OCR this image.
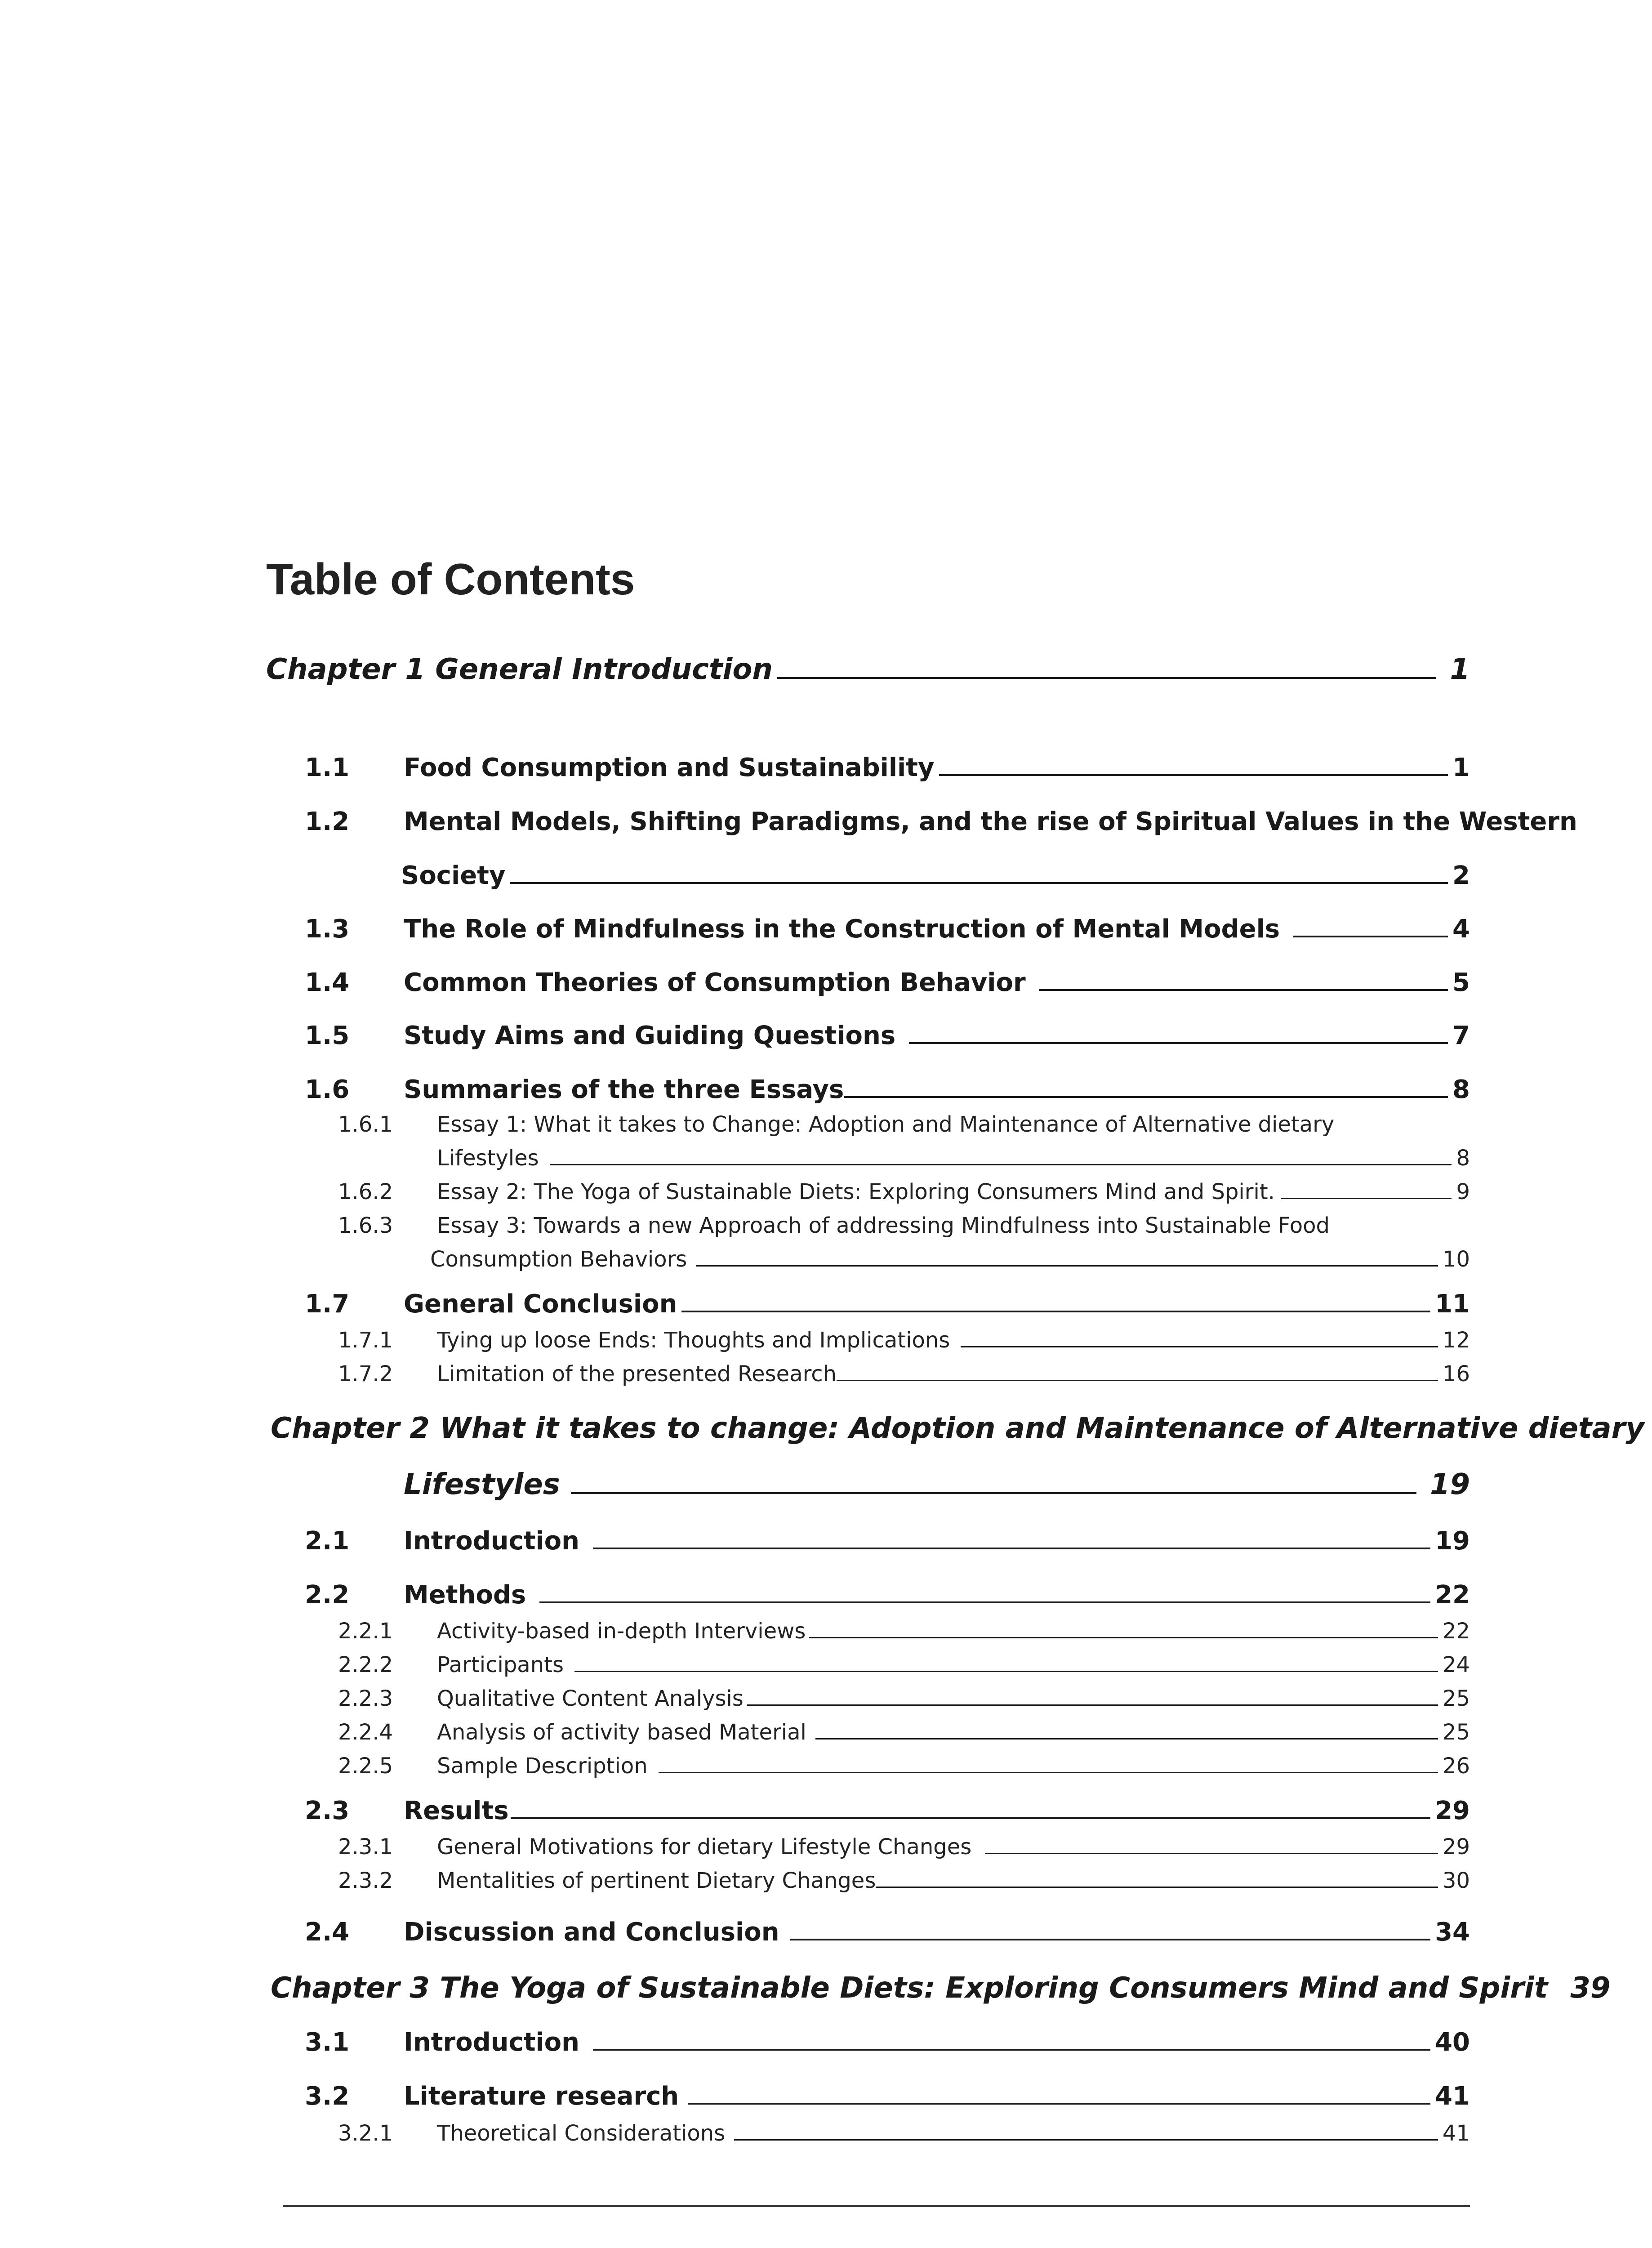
Table of Contents
Chapter 1 General Introduction	1
1.1 Food Consumption and Sustainability	1
1.2 Mental Models, Shifting Paradigms, and the rise of Spiritual Values in the Western
Society	2
1.3 The Role of Mindfulness in the Construction of Mental Models	4
1.4 Common Theories of Consumption Behavior	5
1.5 Study Aims and Guiding Questions	7
1.6 Summaries of the three Essays	8
1.6.1 Essay 1: What it takes to Change: Adoption and Maintenance of Alternative dietary
Lifestyles	8
1.6.2 Essay 2: The Yoga of Sustainable Diets: Exploring Consumers Mind and Spirit.	9
1.6.3 Essay 3: Towards a new Approach of addressing Mindfulness into Sustainable Food
Consumption Behaviors	10
1.7 General Conclusion	11
1.7.1 Tying up loose Ends: Thoughts and Implications	12
1.7.2 Limitation of the presented Research	16
Chapter 2 What it takes to change: Adoption and Maintenance of Alternative dietary
Lifestyles	19
2.1 Introduction	19
2.2 Methods	22
2.2.1 Activity-based in-depth Interviews	22
2.2.2 Participants	24
2.2.3 Qualitative Content Analysis	25
2.2.4 Analysis of activity based Material	25
2.2.5 Sample Description	26
2.3 Results	29
2.3.1 General Motivations for dietary Lifestyle Changes	29
2.3.2 Mentalities of pertinent Dietary Changes	30
2.4 Discussion and Conclusion	34
Chapter 3 The Yoga of Sustainable Diets: Exploring Consumers Mind and Spirit 39
3.1 Introduction	40
3.2 Literature research	41
3.2.1 Theoretical Considerations	41
